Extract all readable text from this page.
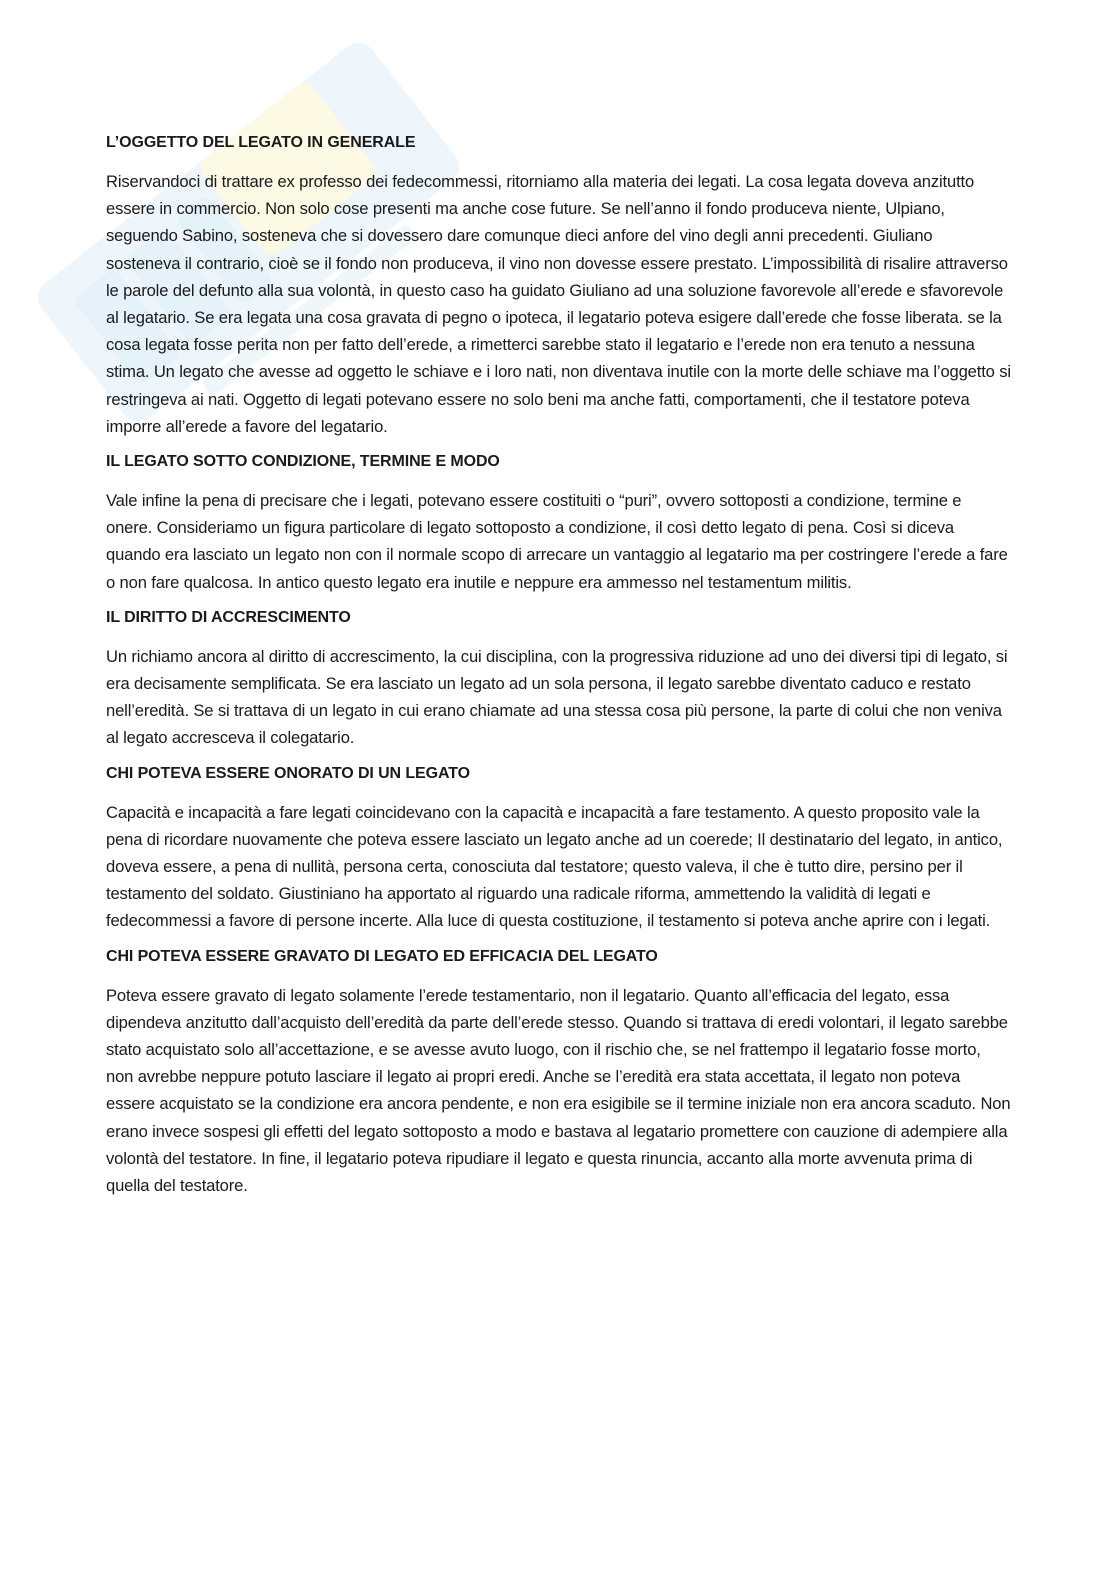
L’OGGETTO DEL LEGATO IN GENERALE

Riservandoci di trattare ex professo dei fedecommessi, ritorniamo alla materia dei legati. La cosa legata doveva anzitutto essere in commercio. Non solo cose presenti ma anche cose future. Se nell’anno il fondo produceva niente, Ulpiano, seguendo Sabino, sosteneva che si dovessero dare comunque dieci anfore del vino degli anni precedenti. Giuliano sosteneva il contrario, cioè se il fondo non produceva, il vino non dovesse essere prestato. L’impossibilità di risalire attraverso le parole del defunto alla sua volontà, in questo caso ha guidato Giuliano ad una soluzione favorevole all’erede e sfavorevole al legatario. Se era legata una cosa gravata di pegno o ipoteca, il legatario poteva esigere dall’erede che fosse liberata. se la cosa legata fosse perita non per fatto dell’erede, a rimetterci sarebbe stato il legatario e l’erede non era tenuto a nessuna stima. Un legato che avesse ad oggetto le schiave e i loro nati, non diventava inutile con la morte delle schiave ma l’oggetto si restringeva ai nati. Oggetto di legati potevano essere no solo beni ma anche fatti, comportamenti, che il testatore poteva imporre all’erede a favore del legatario.

IL LEGATO SOTTO CONDIZIONE, TERMINE E MODO

Vale infine la pena di precisare che i legati, potevano essere costituiti o “puri”, ovvero sottoposti a condizione, termine e onere. Consideriamo un figura particolare di legato sottoposto a condizione, il così detto legato di pena. Così si diceva quando era lasciato un legato non con il normale scopo di arrecare un vantaggio al legatario ma per costringere l’erede a fare o non fare qualcosa. In antico questo legato era inutile e neppure era ammesso nel testamentum militis.

IL DIRITTO DI ACCRESCIMENTO

Un richiamo ancora al diritto di accrescimento, la cui disciplina, con la progressiva riduzione ad uno dei diversi tipi di legato, si era decisamente semplificata. Se era lasciato un legato ad un sola persona, il legato sarebbe diventato caduco e restato nell’eredità. Se si trattava di un legato in cui erano chiamate ad una stessa cosa più persone, la parte di colui che non veniva al legato accresceva il colegatario.

CHI POTEVA ESSERE ONORATO DI UN LEGATO

Capacità e incapacità a fare legati coincidevano con la capacità e incapacità a fare testamento. A questo proposito vale la pena di ricordare nuovamente che poteva essere lasciato un legato anche ad un coerede; Il destinatario del legato, in antico, doveva essere, a pena di nullità, persona certa, conosciuta dal testatore; questo valeva, il che è tutto dire, persino per il testamento del soldato. Giustiniano ha apportato al riguardo una radicale riforma, ammettendo la validità di legati e fedecommessi a favore di persone incerte. Alla luce di questa costituzione, il testamento si poteva anche aprire con i legati.

CHI POTEVA ESSERE GRAVATO DI LEGATO ED EFFICACIA DEL LEGATO

Poteva essere gravato di legato solamente l’erede testamentario, non il legatario. Quanto all’efficacia del legato, essa dipendeva anzitutto dall’acquisto dell’eredità da parte dell’erede stesso. Quando si trattava di eredi volontari, il legato sarebbe stato acquistato solo all’accettazione, e se avesse avuto luogo, con il rischio che, se nel frattempo il legatario fosse morto, non avrebbe neppure potuto lasciare il legato ai propri eredi. Anche se l’eredità era stata accettata, il legato non poteva essere acquistato se la condizione era ancora pendente, e non era esigibile se il termine iniziale non era ancora scaduto. Non erano invece sospesi gli effetti del legato sottoposto a modo e bastava al legatario promettere con cauzione di adempiere alla volontà del testatore. In fine, il legatario poteva ripudiare il legato e questa rinuncia, accanto alla morte avvenuta prima di quella del testatore.
